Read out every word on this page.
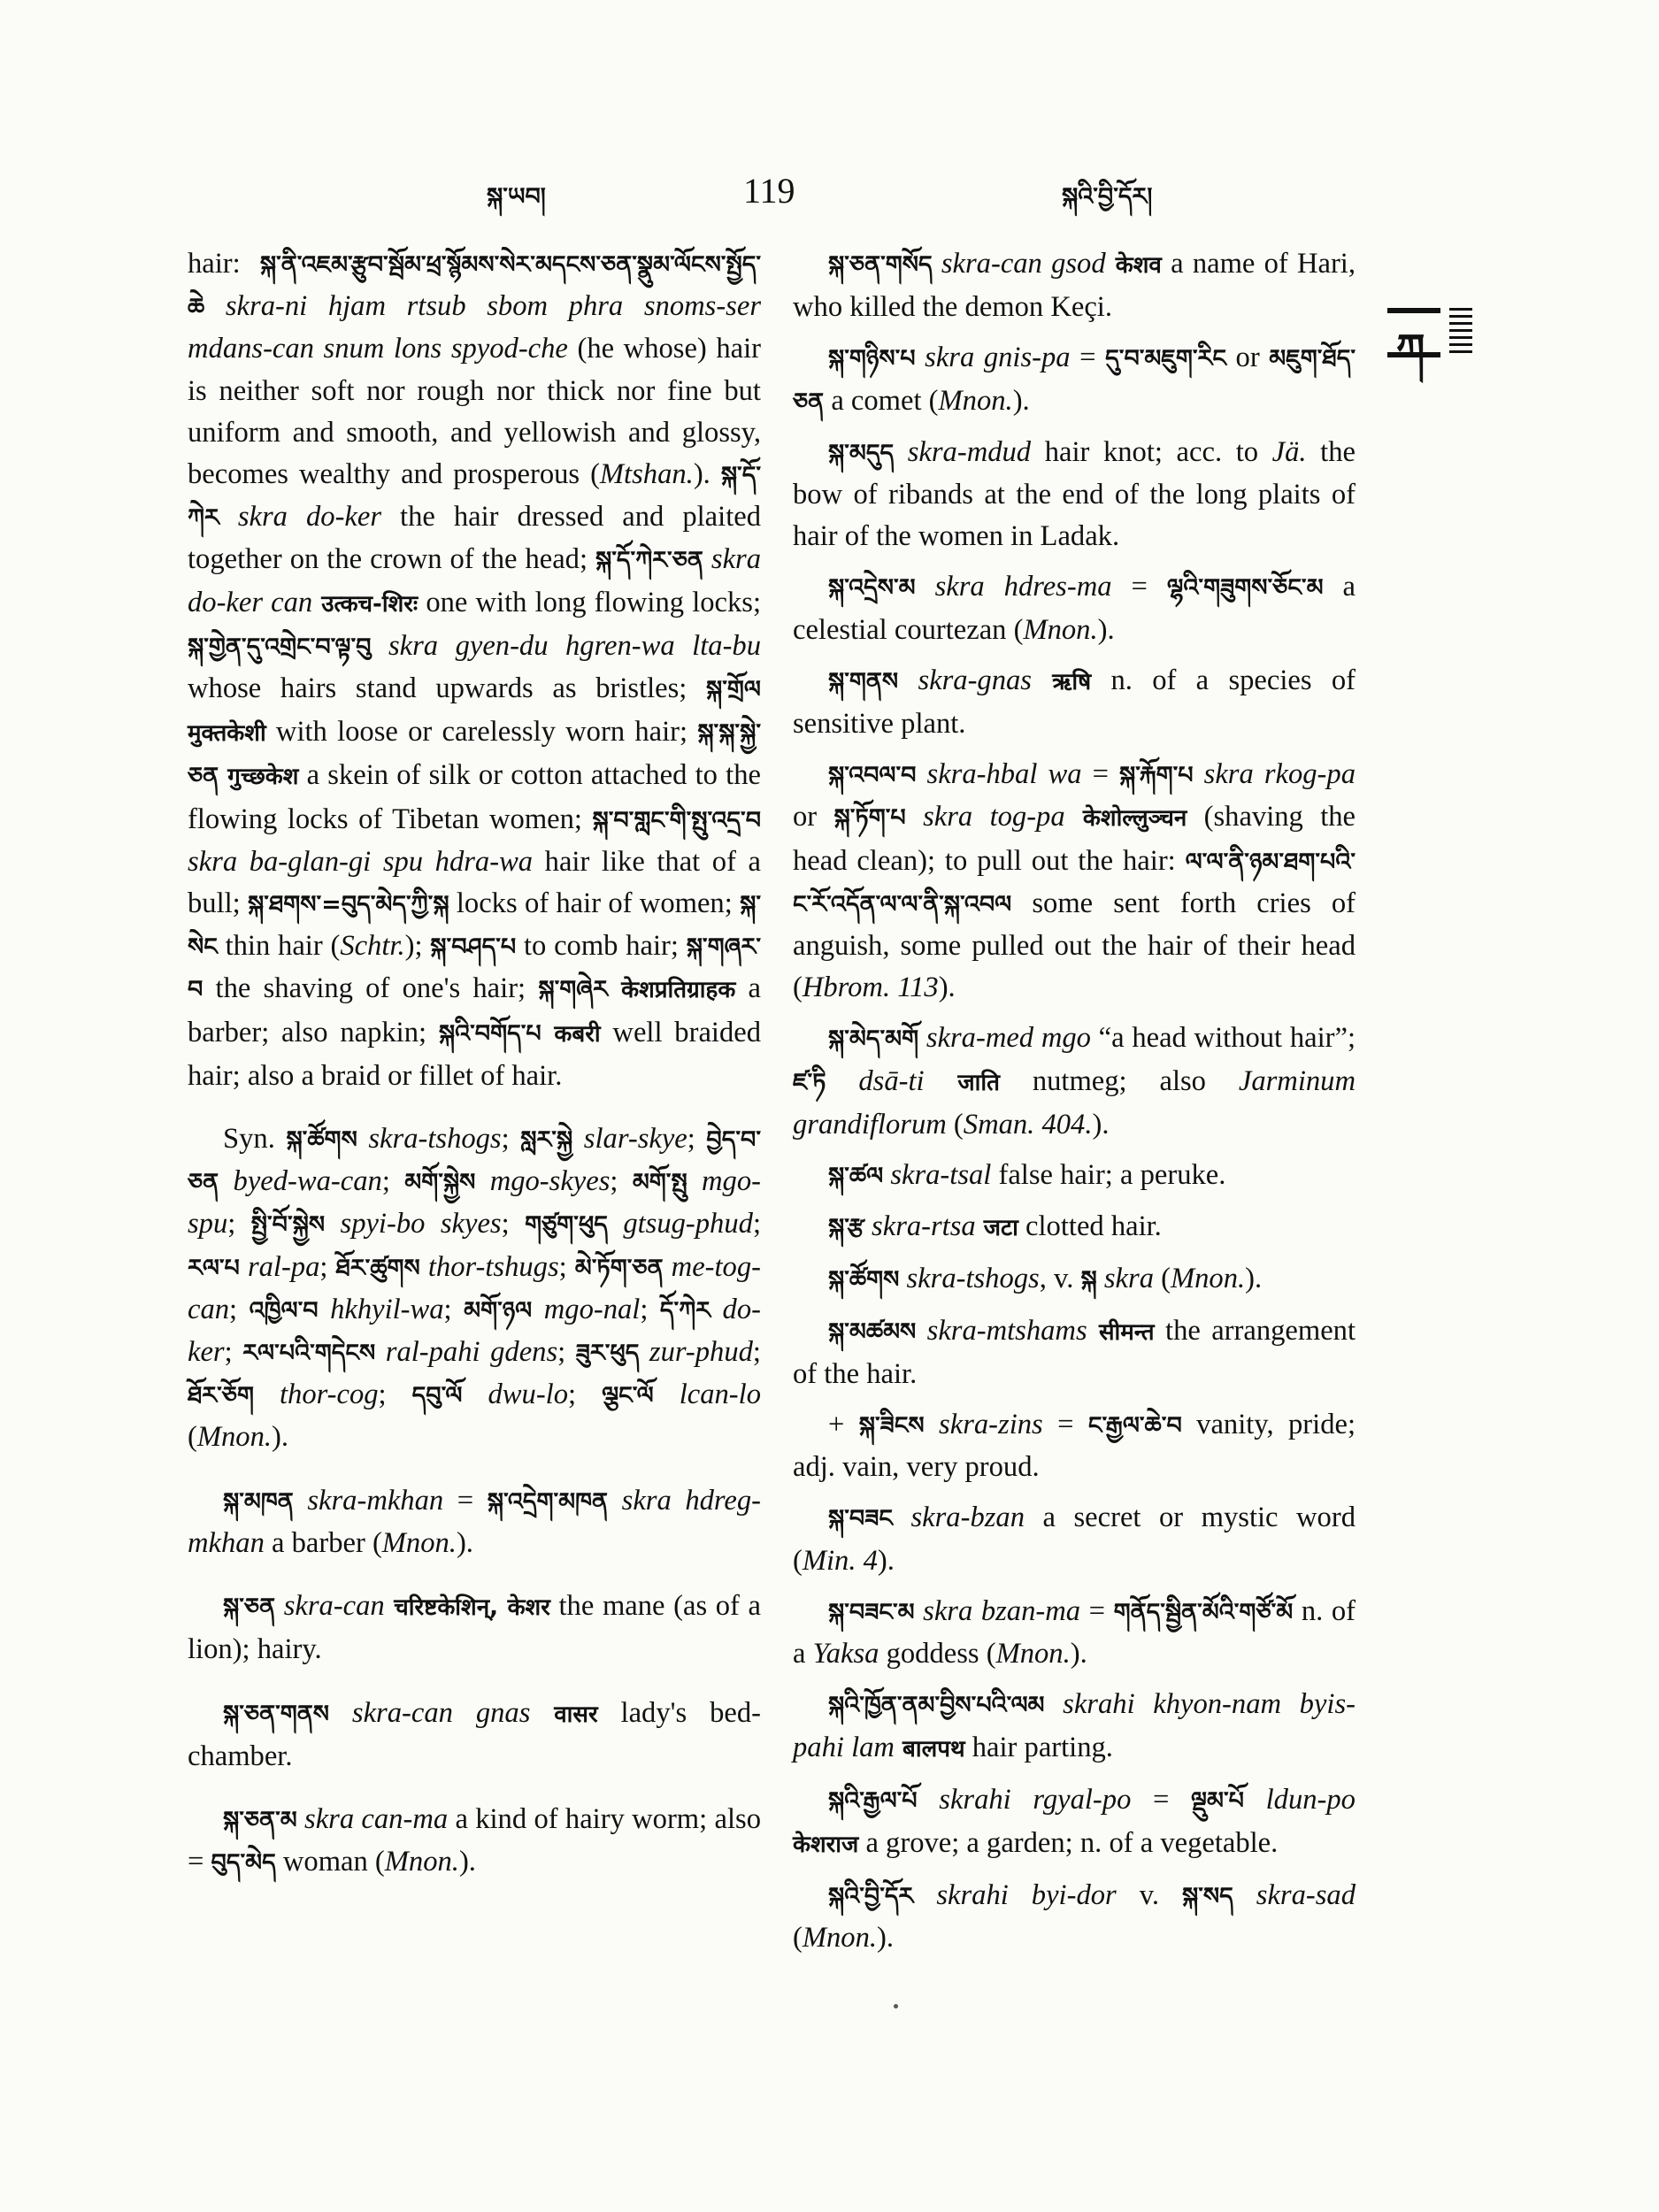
སྐ་ཡབ།	119	སྐའི་བྱི་དོར།
ཀ

hair: སྐ་ནི་འཇམ་རྩུབ་སྦོམ་ཕྲ་སྙོམས་སེར་མདངས་ཅན་སྣུམ་ལོངས་སྤྱོད་ཆེ skra-ni hjam rtsub sbom phra snoms-ser mdans-can snum lons spyod-che (he whose) hair is neither soft nor rough nor thick nor fine but uniform and smooth, and yellowish and glossy, becomes wealthy and prosperous (Mtshan.). སྐ་དོ་ཀེར skra do-ker the hair dressed and plaited together on the crown of the head; སྐ་དོ་ཀེར་ཅན skra do-ker can उत्कच-शिरः one with long flowing locks; སྐ་གྱེན་དུ་འགྲེང་བ་ལྟ་བུ skra gyen-du hgren-wa lta-bu whose hairs stand upwards as bristles; སྐ་གྲོལ मुक्तकेशी with loose or carelessly worn hair; སྐ་སྐ་སྐྱེ་ཅན गुच्छकेश a skein of silk or cotton attached to the flowing locks of Tibetan women; སྐ་བ་གླང་གི་སྤུ་འདྲ་བ skra ba-glan-gi spu hdra-wa hair like that of a bull; སྐ་ཐགས་=བུད་མེད་ཀྱི་སྐ locks of hair of women; སྐ་སེང thin hair (Schtr.); སྐ་བཤད་པ to comb hair; སྐ་གཞར་བ the shaving of one's hair; སྐ་གཞེར केशप्रतिग्राहक a barber; also napkin; སྐའི་བགོད་པ कबरी well braided hair; also a braid or fillet of hair.

Syn. སྐ་ཚོགས skra-tshogs; སླར་སྐྱེ slar-skye; བྱེད་བ་ཅན byed-wa-can; མགོ་སྐྱེས mgo-skyes; མགོ་སྤུ mgo-spu; སྤྱི་བོ་སྐྱེས spyi-bo skyes; གཙུག་ཕུད gtsug-phud; རལ་པ ral-pa; ཐོར་ཚུགས thor-tshugs; མེ་ཏོག་ཅན me-tog-can; འཁྱིལ་བ hkhyil-wa; མགོ་ཉལ mgo-nal; དོ་ཀེར do-ker; རལ་པའི་གདེངས ral-pahi gdens; ཟུར་ཕུད zur-phud; ཐོར་ཅོག thor-cog; དབུ་ལོ dwu-lo; ལྕང་ལོ lcan-lo (Mnon.).

སྐ་མཁན skra-mkhan = སྐ་འདྲེག་མཁན skra hdreg-mkhan a barber (Mnon.).

སྐ་ཅན skra-can चरिष्टकेशिन्, केशर the mane (as of a lion); hairy.

སྐ་ཅན་གནས skra-can gnas वासर lady's bed-chamber.

སྐ་ཅན་མ skra can-ma a kind of hairy worm; also = བུད་མེད woman (Mnon.).

སྐ་ཅན་གསོད skra-can gsod केशव a name of Hari, who killed the demon Keçi.

སྐ་གཉིས་པ skra gnis-pa = དུ་བ་མཇུག་རིང or མཇུག་ཐོད་ཅན a comet (Mnon.).

སྐ་མདུད skra-mdud hair knot; acc. to Jä. the bow of ribands at the end of the long plaits of hair of the women in Ladak.

སྐ་འདྲེས་མ skra hdres-ma = ལྷའི་གཟུགས་ཅོང་མ a celestial courtezan (Mnon.).

སྐ་གནས skra-gnas ऋषि n. of a species of sensitive plant.

སྐ་འབལ་བ skra-hbal wa = སྐ་རྐོག་པ skra rkog-pa or སྐ་ཏོག་པ skra tog-pa केशोल्लुञ्चन (shaving the head clean); to pull out the hair: ལ་ལ་ནི་ཉམ་ཐག་པའི་ང་རོ་འདོན་ལ་ལ་ནི་སྐ་འབལ some sent forth cries of anguish, some pulled out the hair of their head (Hbrom. 113).

སྐ་མེད་མགོ skra-med mgo “a head without hair”; ཛ་ཏི dsā-ti जाति nutmeg; also Jarminum grandiflorum (Sman. 404.).

སྐ་ཚལ skra-tsal false hair; a peruke.

སྐ་རྩ skra-rtsa जटा clotted hair.

སྐ་ཚོགས skra-tshogs, v. སྐ skra (Mnon.).

སྐ་མཚམས skra-mtshams सीमन्त the arrangement of the hair.

+ སྐ་ཟིངས skra-zins = ང་རྒྱལ་ཆེ་བ vanity, pride; adj. vain, very proud.

སྐ་བཟང skra-bzan a secret or mystic word (Min. 4).

སྐ་བཟང་མ skra bzan-ma = གནོད་སྦྱིན་མོའི་གཙོ་མོ n. of a Yaksa goddess (Mnon.).

སྐའི་ཁྱོན་ནམ་བྱིས་པའི་ལམ skrahi khyon-nam byis-pahi lam बालपथ hair parting.

སྐའི་རྒྱལ་པོ skrahi rgyal-po = ལྡུམ་པོ ldun-po केशराज a grove; a garden; n. of a vegetable.

སྐའི་བྱི་དོར skrahi byi-dor v. སྐ་སད skra-sad (Mnon.).
